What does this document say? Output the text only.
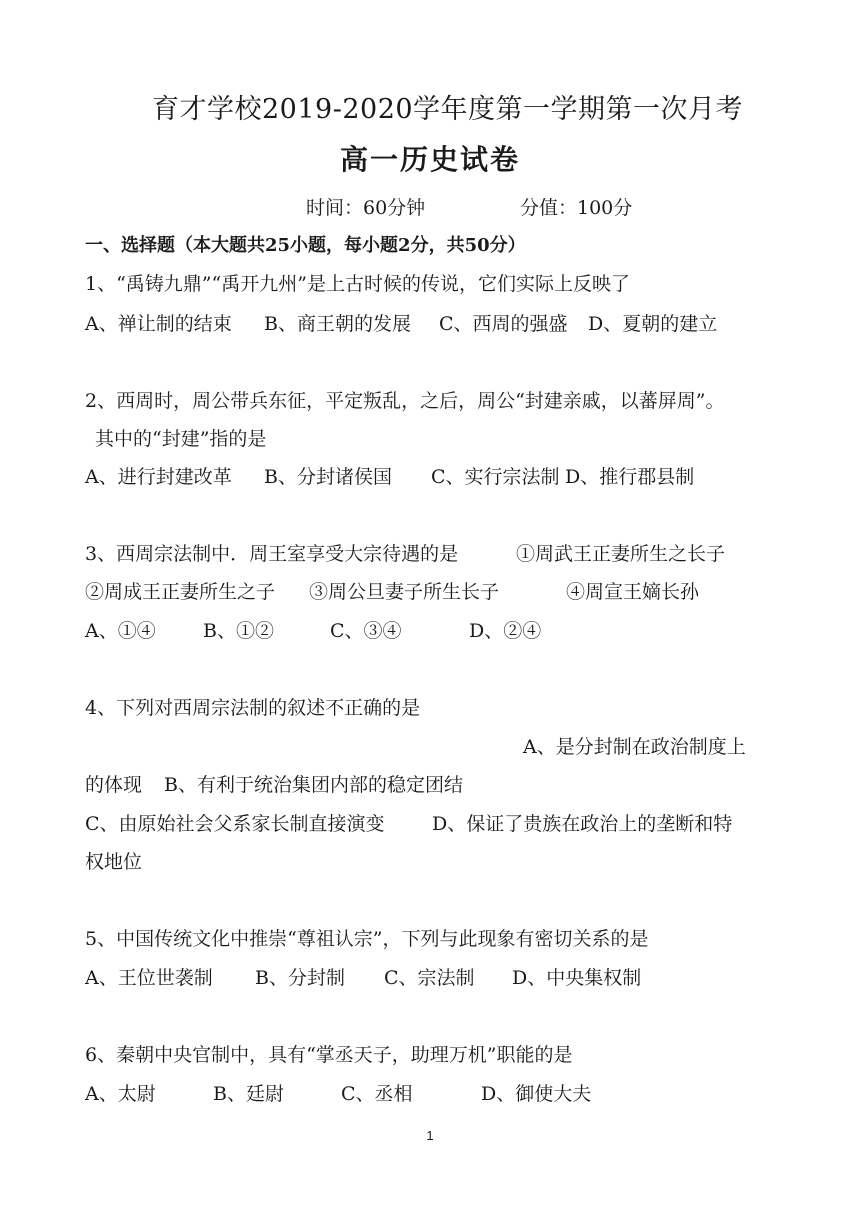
育才学校2019-2020学年度第一学期第一次月考
高一历史试卷
时间：60分钟	分值：100分
一、选择题（本大题共25小题，每小题2分，共50分）
1、“禹铸九鼎”“禹开九州”是上古时候的传说，它们实际上反映了
A、禅让制的结束 B、商王朝的发展 C、西周的强盛 D、夏朝的建立
2、西周时，周公带兵东征，平定叛乱，之后，周公“封建亲戚，以蕃屏周”。
其中的“封建”指的是
A、进行封建改革 B、分封诸侯国 C、实行宗法制 D、推行郡县制
3、西周宗法制中．周王室享受大宗待遇的是	①周武王正妻所生之长子
②周成王正妻所生之子 ③周公旦妻子所生长子	④周宣王嫡长孙
A、①④ B、①②	C、③④	D、②④
4、下列对西周宗法制的叙述不正确的是
A、是分封制在政治制度上
的体现 B、有利于统治集团内部的稳定团结
C、由原始社会父系家长制直接演变 D、保证了贵族在政治上的垄断和特
权地位
5、中国传统文化中推崇“尊祖认宗”，下列与此现象有密切关系的是
A、王位世袭制 B、分封制 C、宗法制 D、中央集权制
6、秦朝中央官制中，具有“掌丞天子，助理万机”职能的是
A、太尉	B、廷尉	C、丞相	D、御使大夫
1
